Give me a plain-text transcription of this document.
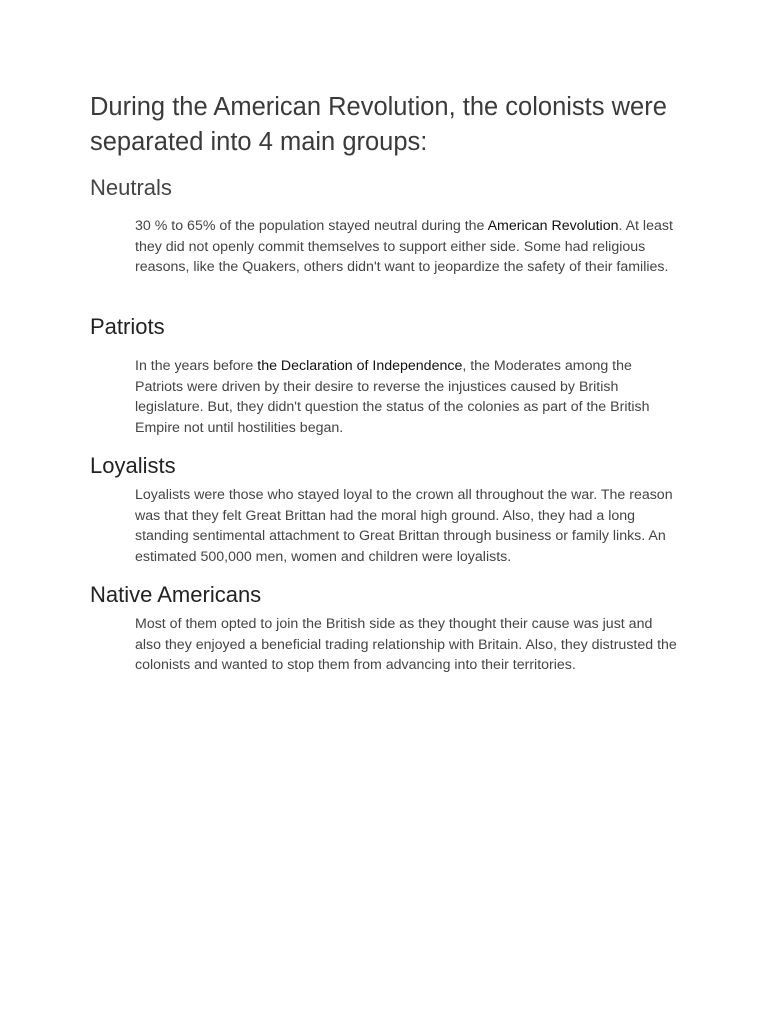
During the American Revolution, the colonists were separated into 4 main groups:
Neutrals

30 % to 65% of the population stayed neutral during the American Revolution. At least they did not openly commit themselves to support either side. Some had religious reasons, like the Quakers, others didn't want to jeopardize the safety of their families.

Patriots

In the years before the Declaration of Independence, the Moderates among the Patriots were driven by their desire to reverse the injustices caused by British legislature. But, they didn't question the status of the colonies as part of the British Empire not until hostilities began.

Loyalists

Loyalists were those who stayed loyal to the crown all throughout the war. The reason was that they felt Great Brittan had the moral high ground. Also, they had a long standing sentimental attachment to Great Brittan through business or family links. An estimated 500,000 men, women and children were loyalists.

Native Americans

Most of them opted to join the British side as they thought their cause was just and also they enjoyed a beneficial trading relationship with Britain. Also, they distrusted the colonists and wanted to stop them from advancing into their territories.
